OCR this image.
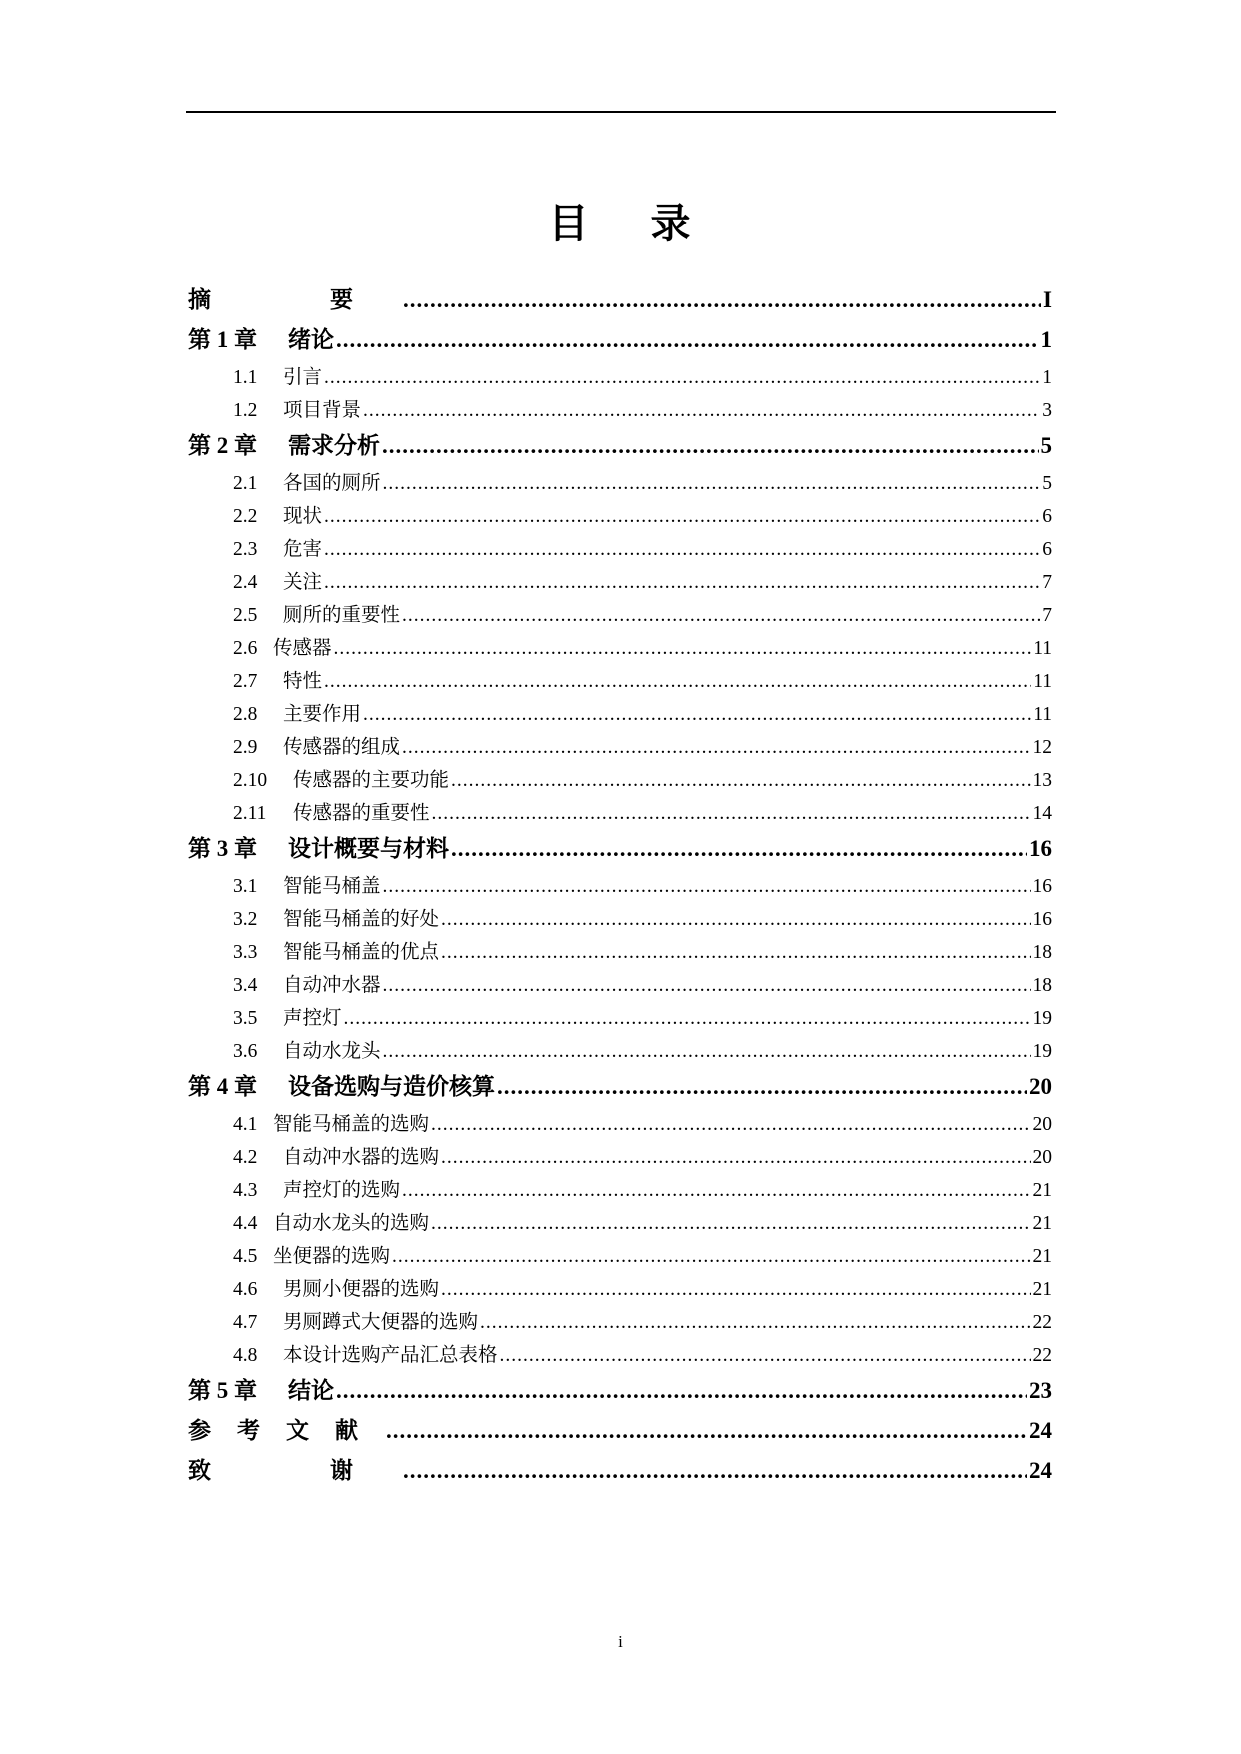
目 录
摘　要 .....	I
第 1 章 绪论 .....	1
1.1 引言 .....	1
1.2 项目背景 .....	3
第 2 章 需求分析 .....	5
2.1 各国的厕所 .....	5
2.2 现状 .....	6
2.3 危害 .....	6
2.4 关注 .....	7
2.5 厕所的重要性 .....	7
2.6 传感器 .....	11
2.7 特性 .....	11
2.8 主要作用 .....	11
2.9 传感器的组成 .....	12
2.10 传感器的主要功能 .....	13
2.11 传感器的重要性 .....	14
第 3 章 设计概要与材料 .....	16
3.1 智能马桶盖 .....	16
3.2 智能马桶盖的好处 .....	16
3.3 智能马桶盖的优点 .....	18
3.4 自动冲水器 .....	18
3.5 声控灯 .....	19
3.6 自动水龙头 .....	19
第 4 章 设备选购与造价核算 .....	20
4.1 智能马桶盖的选购 .....	20
4.2 自动冲水器的选购 .....	20
4.3 声控灯的选购 .....	21
4.4 自动水龙头的选购 .....	21
4.5 坐便器的选购 .....	21
4.6 男厕小便器的选购 .....	21
4.7 男厕蹲式大便器的选购 .....	22
4.8 本设计选购产品汇总表格 .....	22
第 5 章 结论 .....	23
参考文献 .....	24
致　谢 .....	24
i
